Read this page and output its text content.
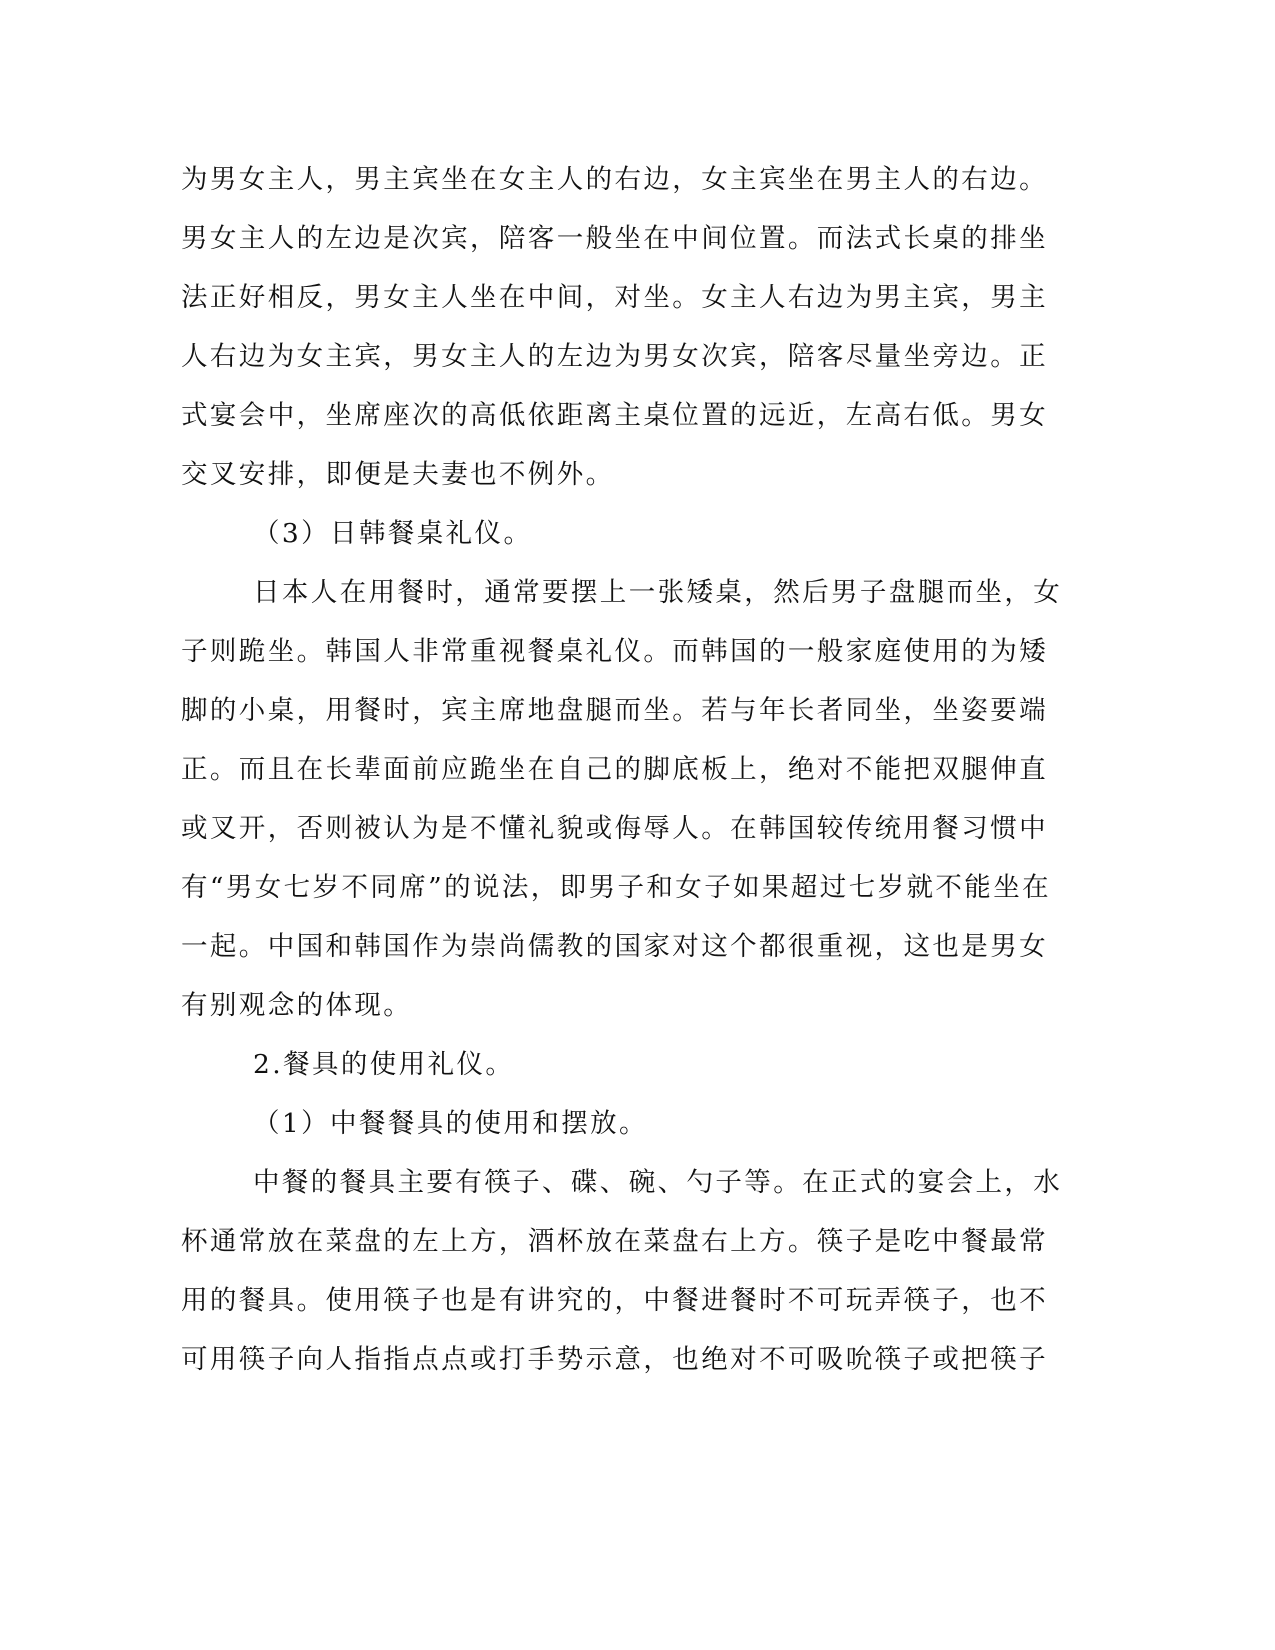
为男女主人，男主宾坐在女主人的右边，女主宾坐在男主人的右边。
男女主人的左边是次宾，陪客一般坐在中间位置。而法式长桌的排坐
法正好相反，男女主人坐在中间，对坐。女主人右边为男主宾，男主
人右边为女主宾，男女主人的左边为男女次宾，陪客尽量坐旁边。正
式宴会中，坐席座次的高低依距离主桌位置的远近，左高右低。男女
交叉安排，即便是夫妻也不例外。

（3）日韩餐桌礼仪。

日本人在用餐时，通常要摆上一张矮桌，然后男子盘腿而坐，女
子则跪坐。韩国人非常重视餐桌礼仪。而韩国的一般家庭使用的为矮
脚的小桌，用餐时，宾主席地盘腿而坐。若与年长者同坐，坐姿要端
正。而且在长辈面前应跪坐在自己的脚底板上，绝对不能把双腿伸直
或叉开，否则被认为是不懂礼貌或侮辱人。在韩国较传统用餐习惯中
有“男女七岁不同席”的说法，即男子和女子如果超过七岁就不能坐在
一起。中国和韩国作为崇尚儒教的国家对这个都很重视，这也是男女
有别观念的体现。

2.餐具的使用礼仪。

（1）中餐餐具的使用和摆放。

中餐的餐具主要有筷子、碟、碗、勺子等。在正式的宴会上，水
杯通常放在菜盘的左上方，酒杯放在菜盘右上方。筷子是吃中餐最常
用的餐具。使用筷子也是有讲究的，中餐进餐时不可玩弄筷子，也不
可用筷子向人指指点点或打手势示意，也绝对不可吸吮筷子或把筷子
